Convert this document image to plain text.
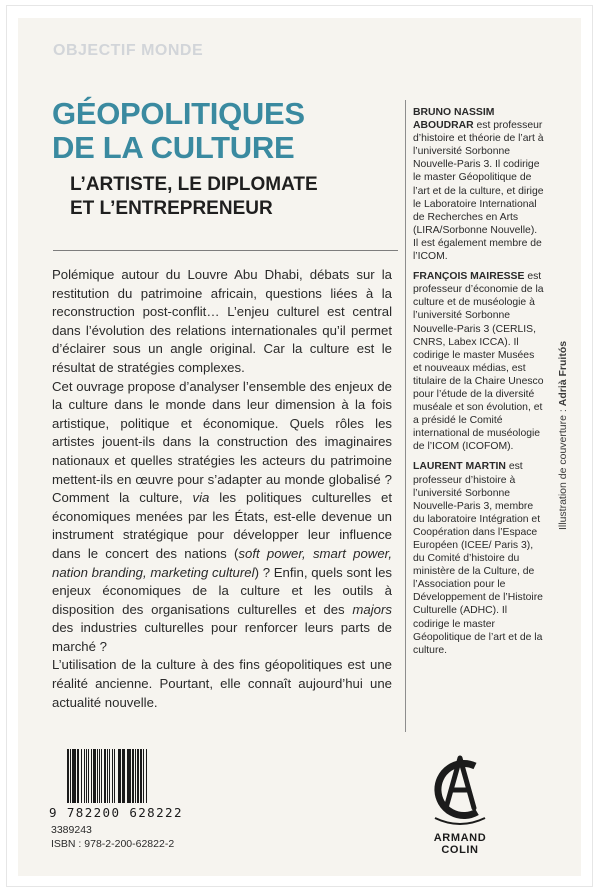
OBJECTIF MONDE
GÉOPOLITIQUES
DE LA CULTURE
L’ARTISTE, LE DIPLOMATE
ET L’ENTREPRENEUR

Polémique autour du Louvre Abu Dhabi, débats sur la restitution du patrimoine africain, questions liées à la reconstruction post-conflit… L’enjeu culturel est central dans l’évolution des relations internationales qu’il permet d’éclairer sous un angle original. Car la culture est le résultat de stratégies complexes.

Cet ouvrage propose d’analyser l’ensemble des enjeux de la culture dans le monde dans leur dimension à la fois artistique, politique et économique. Quels rôles les artistes jouent-ils dans la construction des imaginaires nationaux et quelles stratégies les acteurs du patrimoine mettent-ils en œuvre pour s’adapter au monde globalisé ? Comment la culture, via les politiques culturelles et économiques menées par les États, est-elle devenue un instrument stratégique pour développer leur influence dans le concert des nations (soft power, smart power, nation branding, marketing culturel) ? Enfin, quels sont les enjeux économiques de la culture et les outils à disposition des organisations culturelles et des majors des industries culturelles pour renforcer leurs parts de marché ?

L’utilisation de la culture à des fins géopolitiques est une réalité ancienne. Pourtant, elle connaît aujourd’hui une actualité nouvelle.

BRUNO NASSIM ABOUDRAR est professeur d’histoire et théorie de l’art à l’université Sorbonne Nouvelle-Paris 3. Il codirige le master Géopolitique de l’art et de la culture, et dirige le Laboratoire International de Recherches en Arts (LIRA/Sorbonne Nouvelle). Il est également membre de l’ICOM.

FRANÇOIS MAIRESSE est professeur d’économie de la culture et de muséologie à l’université Sorbonne Nouvelle-Paris 3 (CERLIS, CNRS, Labex ICCA). Il codirige le master Musées et nouveaux médias, est titulaire de la Chaire Unesco pour l’étude de la diversité muséale et son évolution, et a présidé le Comité international de muséologie de l’ICOM (ICOFOM).

LAURENT MARTIN est professeur d’histoire à l’université Sorbonne Nouvelle-Paris 3, membre du laboratoire Intégration et Coopération dans l’Espace Européen (ICEE/ Paris 3), du Comité d’histoire du ministère de la Culture, de l’Association pour le Développement de l’Histoire Culturelle (ADHC). Il codirige le master Géopolitique de l’art et de la culture.

Illustration de couverture : Adrià Fruitós
9 782200 628222
3389243
ISBN : 978-2-200-62822-2	ARMAND COLIN
